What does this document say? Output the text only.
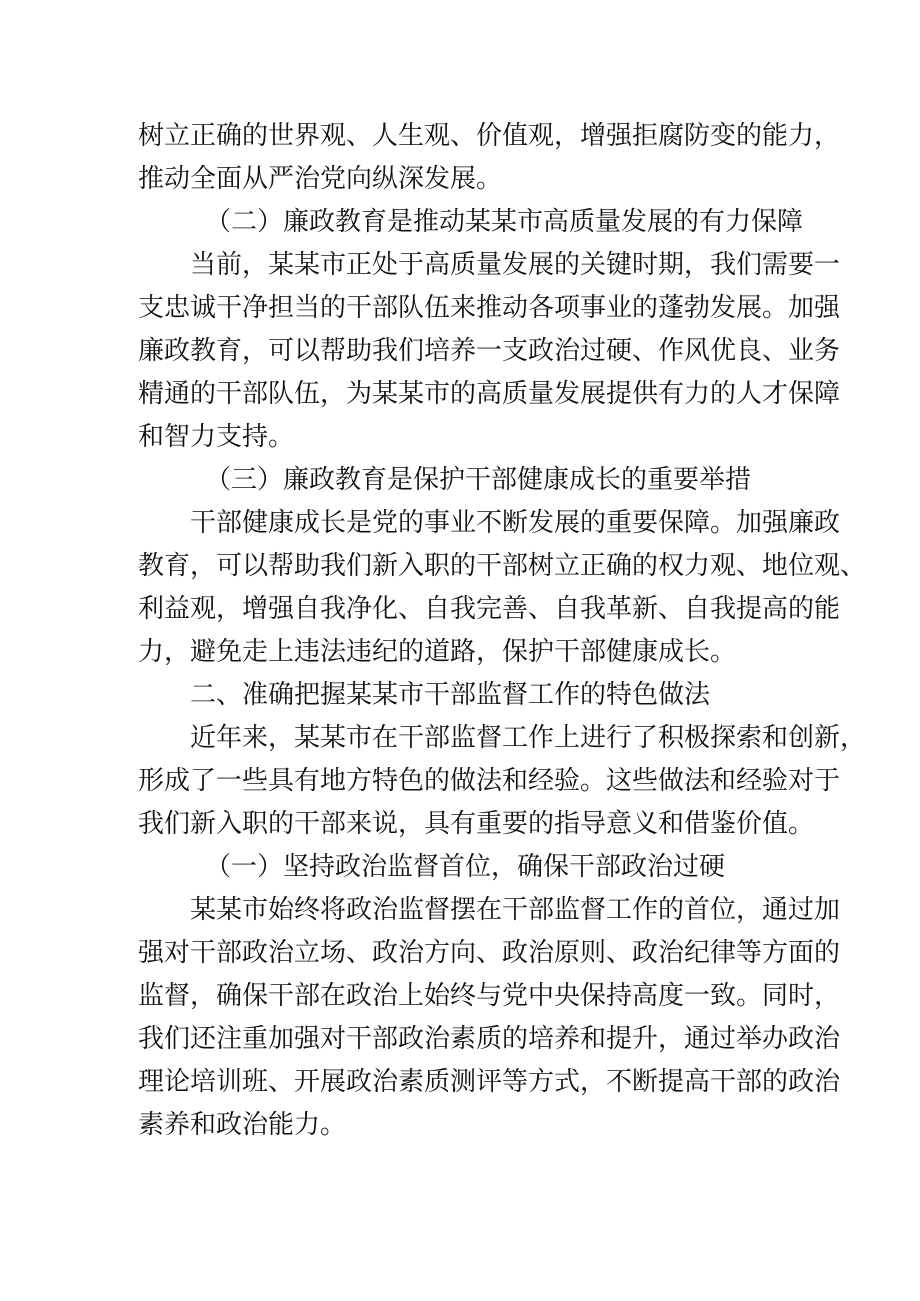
树立正确的世界观、人生观、价值观，增强拒腐防变的能力，
推动全面从严治党向纵深发展。
（二）廉政教育是推动某某市高质量发展的有力保障
当前，某某市正处于高质量发展的关键时期，我们需要一
支忠诚干净担当的干部队伍来推动各项事业的蓬勃发展。加强
廉政教育，可以帮助我们培养一支政治过硬、作风优良、业务
精通的干部队伍，为某某市的高质量发展提供有力的人才保障
和智力支持。
（三）廉政教育是保护干部健康成长的重要举措
干部健康成长是党的事业不断发展的重要保障。加强廉政
教育，可以帮助我们新入职的干部树立正确的权力观、地位观、
利益观，增强自我净化、自我完善、自我革新、自我提高的能
力，避免走上违法违纪的道路，保护干部健康成长。
二、准确把握某某市干部监督工作的特色做法
近年来，某某市在干部监督工作上进行了积极探索和创新，
形成了一些具有地方特色的做法和经验。这些做法和经验对于
我们新入职的干部来说，具有重要的指导意义和借鉴价值。
（一）坚持政治监督首位，确保干部政治过硬
某某市始终将政治监督摆在干部监督工作的首位，通过加
强对干部政治立场、政治方向、政治原则、政治纪律等方面的
监督，确保干部在政治上始终与党中央保持高度一致。同时，
我们还注重加强对干部政治素质的培养和提升，通过举办政治
理论培训班、开展政治素质测评等方式，不断提高干部的政治
素养和政治能力。
